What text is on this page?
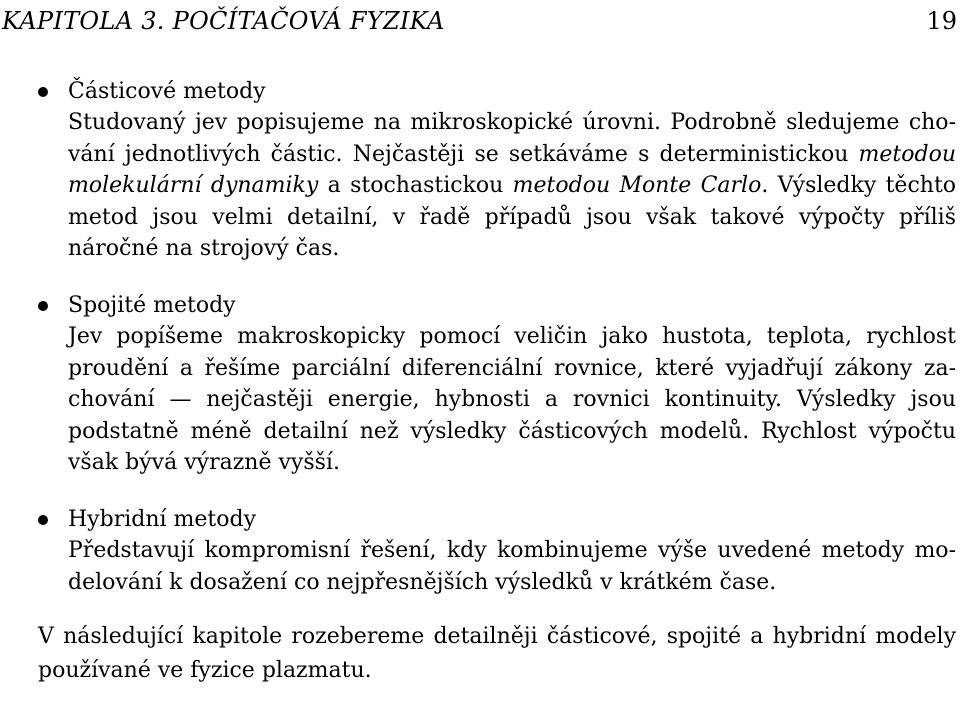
KAPITOLA 3. POČÍTAČOVÁ FYZIKA	19
Částicové metody
Studovaný jev popisujeme na mikroskopické úrovni. Podrobně sledujeme chování jednotlivých částic. Nejčastěji se setkáváme s deterministickou metodou molekulární dynamiky a stochastickou metodou Monte Carlo. Výsledky těchto metod jsou velmi detailní, v řadě případů jsou však takové výpočty příliš náročné na strojový čas.
Spojité metody
Jev popíšeme makroskopicky pomocí veličin jako hustota, teplota, rychlost proudění a řešíme parciální diferenciální rovnice, které vyjadřují zákony zachování — nejčastěji energie, hybnosti a rovnici kontinuity. Výsledky jsou podstatně méně detailní než výsledky částicových modelů. Rychlost výpočtu však bývá výrazně vyšší.
Hybridní metody
Představují kompromisní řešení, kdy kombinujeme výše uvedené metody modelování k dosažení co nejpřesnějších výsledků v krátkém čase.
V následující kapitole rozebereme detailněji částicové, spojité a hybridní modely používané ve fyzice plazmatu.
